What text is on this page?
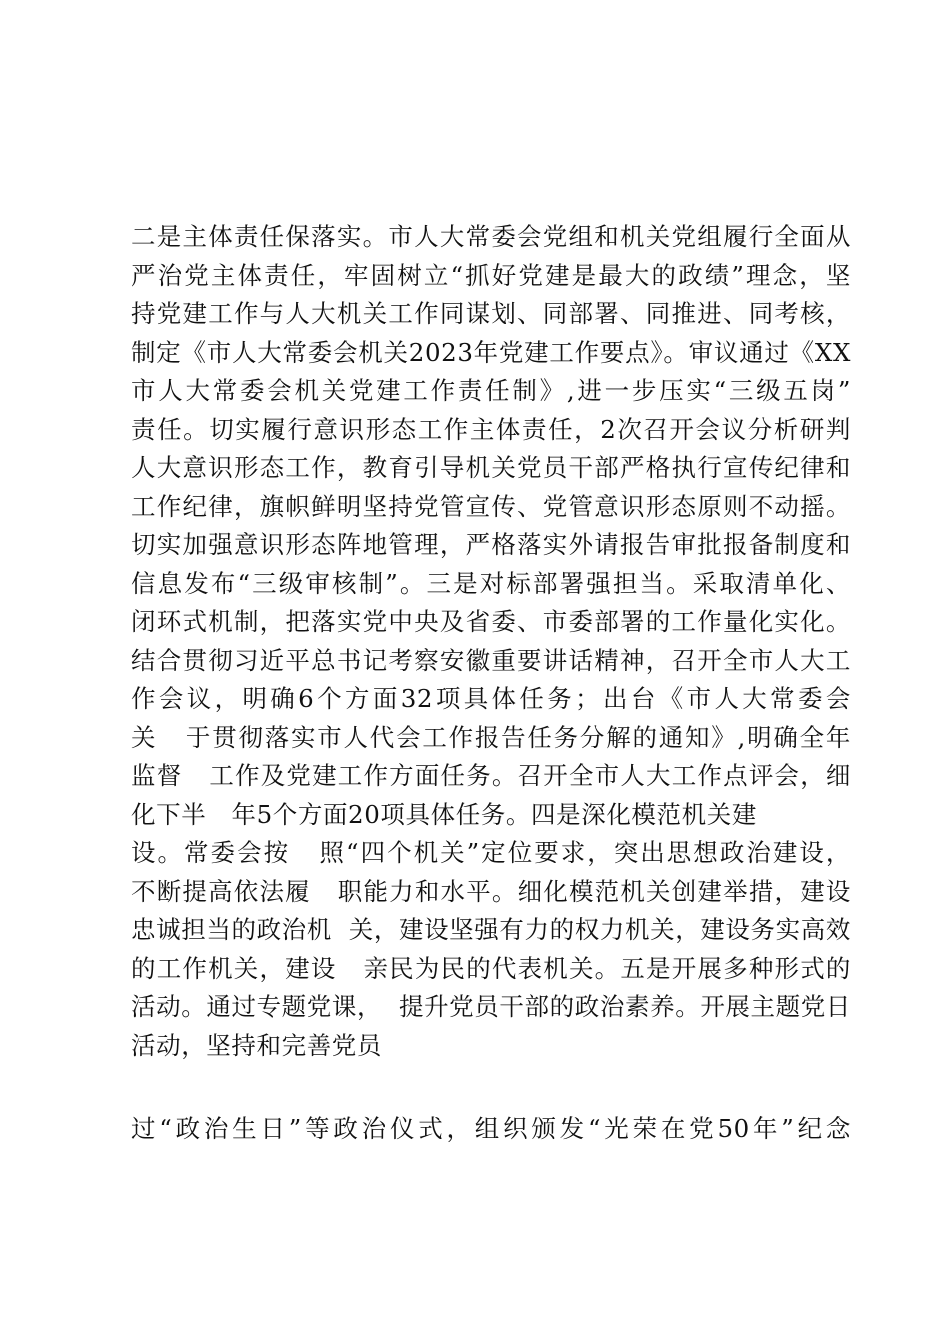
二是主体责任保落实。市人大常委会党组和机关党组履行全面从
严治党主体责任，牢固树立“抓好党建是最大的政绩”理念，坚
持党建工作与人大机关工作同谋划、同部署、同推进、同考核，
制定《市人大常委会机关2023年党建工作要点》。审议通过《XX
市人大常委会机关党建工作责任制》,进一步压实“三级五岗”
责任。切实履行意识形态工作主体责任，2次召开会议分析研判
人大意识形态工作，教育引导机关党员干部严格执行宣传纪律和
工作纪律，旗帜鲜明坚持党管宣传、党管意识形态原则不动摇。
切实加强意识形态阵地管理，严格落实外请报告审批报备制度和
信息发布“三级审核制”。三是对标部署强担当。采取清单化、
闭环式机制，把落实党中央及省委、市委部署的工作量化实化。
结合贯彻习近平总书记考察安徽重要讲话精神，召开全市人大工
作会议，明确6个方面32项具体任务；出台《市人大常委会
关   于贯彻落实市人代会工作报告任务分解的通知》,明确全年
监督   工作及党建工作方面任务。召开全市人大工作点评会，细
化下半   年5个方面20项具体任务。四是深化模范机关建
设。常委会按   照“四个机关”定位要求，突出思想政治建设，
不断提高依法履   职能力和水平。细化模范机关创建举措，建设
忠诚担当的政治机  关，建设坚强有力的权力机关，建设务实高效
的工作机关，建设   亲民为民的代表机关。五是开展多种形式的
活动。通过专题党课，  提升党员干部的政治素养。开展主题党日
活动，坚持和完善党员
过“政治生日”等政治仪式，组织颁发“光荣在党50年”纪念
